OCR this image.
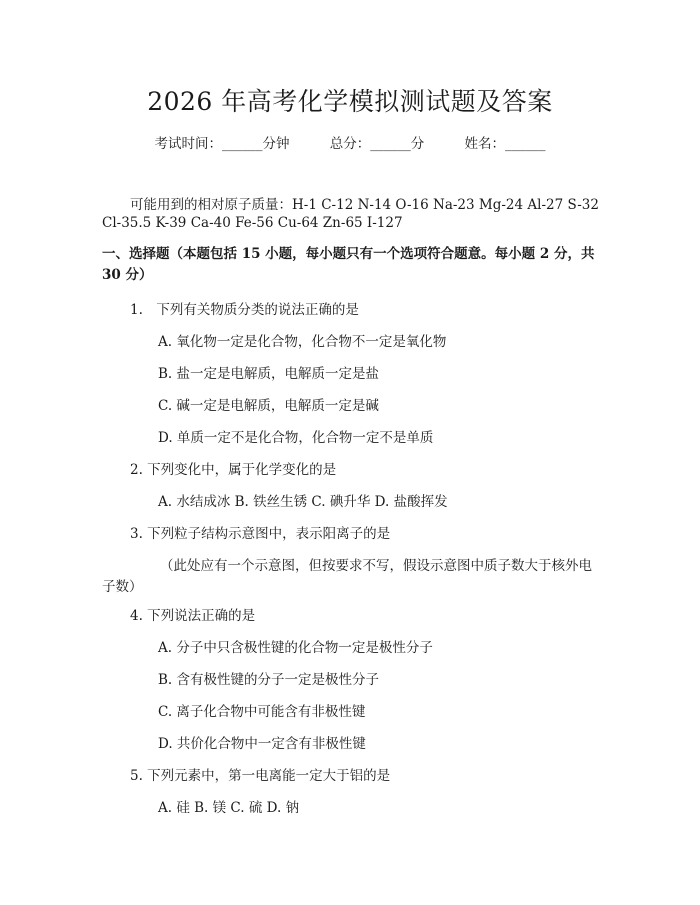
2026 年高考化学模拟测试题及答案
考试时间：______分钟	总分：______分	姓名：______
可能用到的相对原子质量：H-1 C-12 N-14 O-16 Na-23 Mg-24 Al-27 S-32
Cl-35.5 K-39 Ca-40 Fe-56 Cu-64 Zn-65 I-127
一、选择题（本题包括 15 小题，每小题只有一个选项符合题意。每小题 2 分，共
30 分）
1.　下列有关物质分类的说法正确的是
A. 氧化物一定是化合物，化合物不一定是氧化物
B. 盐一定是电解质，电解质一定是盐
C. 碱一定是电解质，电解质一定是碱
D. 单质一定不是化合物，化合物一定不是单质
2. 下列变化中，属于化学变化的是
A. 水结成冰 B. 铁丝生锈 C. 碘升华 D. 盐酸挥发
3. 下列粒子结构示意图中，表示阳离子的是
（此处应有一个示意图，但按要求不写，假设示意图中质子数大于核外电
子数）
4. 下列说法正确的是
A. 分子中只含极性键的化合物一定是极性分子
B. 含有极性键的分子一定是极性分子
C. 离子化合物中可能含有非极性键
D. 共价化合物中一定含有非极性键
5. 下列元素中，第一电离能一定大于铝的是
A. 硅 B. 镁 C. 硫 D. 钠
